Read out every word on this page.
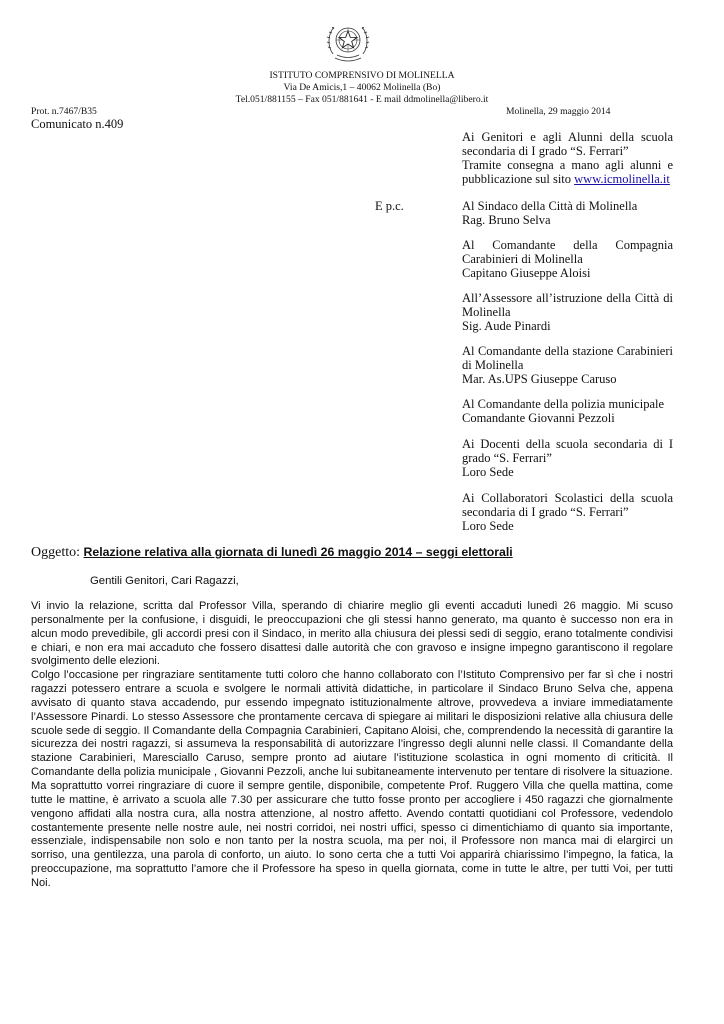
ISTITUTO COMPRENSIVO DI MOLINELLA
Via De Amicis,1 – 40062 Molinella (Bo)
Tel.051/881155 – Fax 051/881641 - E mail ddmolinella@libero.it
Prot. n.7467/B35	Molinella, 29 maggio 2014
Comunicato n.409

Ai Genitori e agli Alunni della scuola

secondaria di I grado “S. Ferrari”

Tramite consegna a mano agli alunni e

pubblicazione sul sito www.icmolinella.it

E p.c.	Al Sindaco della Città di Molinella

Rag. Bruno Selva

Al Comandante della Compagnia

Carabinieri di Molinella

Capitano Giuseppe Aloisi

All’Assessore all’istruzione della Città di

Molinella

Sig. Aude Pinardi

Al Comandante della stazione Carabinieri

di Molinella

Mar. As.UPS Giuseppe Caruso

Al Comandante della polizia municipale

Comandante Giovanni Pezzoli

Ai Docenti della scuola secondaria di I

grado “S. Ferrari”

Loro Sede

Ai Collaboratori Scolastici della scuola

secondaria di I grado “S. Ferrari”

Loro Sede

Oggetto: Relazione relativa alla giornata di lunedì 26 maggio 2014 – seggi elettorali
Gentili Genitori, Cari Ragazzi,

Vi invio la relazione, scritta dal Professor Villa, sperando di chiarire meglio gli eventi accaduti lunedì 26 maggio. Mi scuso personalmente per la confusione, i disguidi, le preoccupazioni che gli stessi hanno generato, ma quanto è successo non era in alcun modo prevedibile, gli accordi presi con il Sindaco, in merito alla chiusura dei plessi sedi di seggio, erano totalmente condivisi e chiari, e non era mai accaduto che fossero disattesi dalle autorità che con gravoso e insigne impegno garantiscono il regolare svolgimento delle elezioni.

Colgo l’occasione per ringraziare sentitamente tutti coloro che hanno collaborato con l’Istituto Comprensivo per far sì che i nostri ragazzi potessero entrare a scuola e svolgere le normali attività didattiche, in particolare il Sindaco Bruno Selva che, appena avvisato di quanto stava accadendo, pur essendo impegnato istituzionalmente altrove, provvedeva a inviare immediatamente l’Assessore Pinardi. Lo stesso Assessore che prontamente cercava di spiegare ai militari le disposizioni relative alla chiusura delle scuole sede di seggio. Il Comandante della Compagnia Carabinieri, Capitano Aloisi, che, comprendendo la necessità di garantire la sicurezza dei nostri ragazzi, si assumeva la responsabilità di autorizzare l’ingresso degli alunni nelle classi. Il Comandante della stazione Carabinieri, Maresciallo Caruso, sempre pronto ad aiutare l’istituzione scolastica in ogni momento di criticità. Il Comandante della polizia municipale , Giovanni Pezzoli, anche lui subitaneamente intervenuto per tentare di risolvere la situazione.

Ma soprattutto vorrei ringraziare di cuore il sempre gentile, disponibile, competente Prof. Ruggero Villa che quella mattina, come tutte le mattine, è arrivato a scuola alle 7.30 per assicurare che tutto fosse pronto per accogliere i 450 ragazzi che giornalmente vengono affidati alla nostra cura, alla nostra attenzione, al nostro affetto. Avendo contatti quotidiani col Professore, vedendolo costantemente presente nelle nostre aule, nei nostri corridoi, nei nostri uffici, spesso ci dimentichiamo di quanto sia importante, essenziale, indispensabile non solo e non tanto per la nostra scuola, ma per noi, il Professore non manca mai di elargirci un sorriso, una gentilezza, una parola di conforto, un aiuto. Io sono certa che a tutti Voi apparirà chiarissimo l’impegno, la fatica, la preoccupazione, ma soprattutto l’amore che il Professore ha speso in quella giornata, come in tutte le altre, per tutti Voi, per tutti Noi.
